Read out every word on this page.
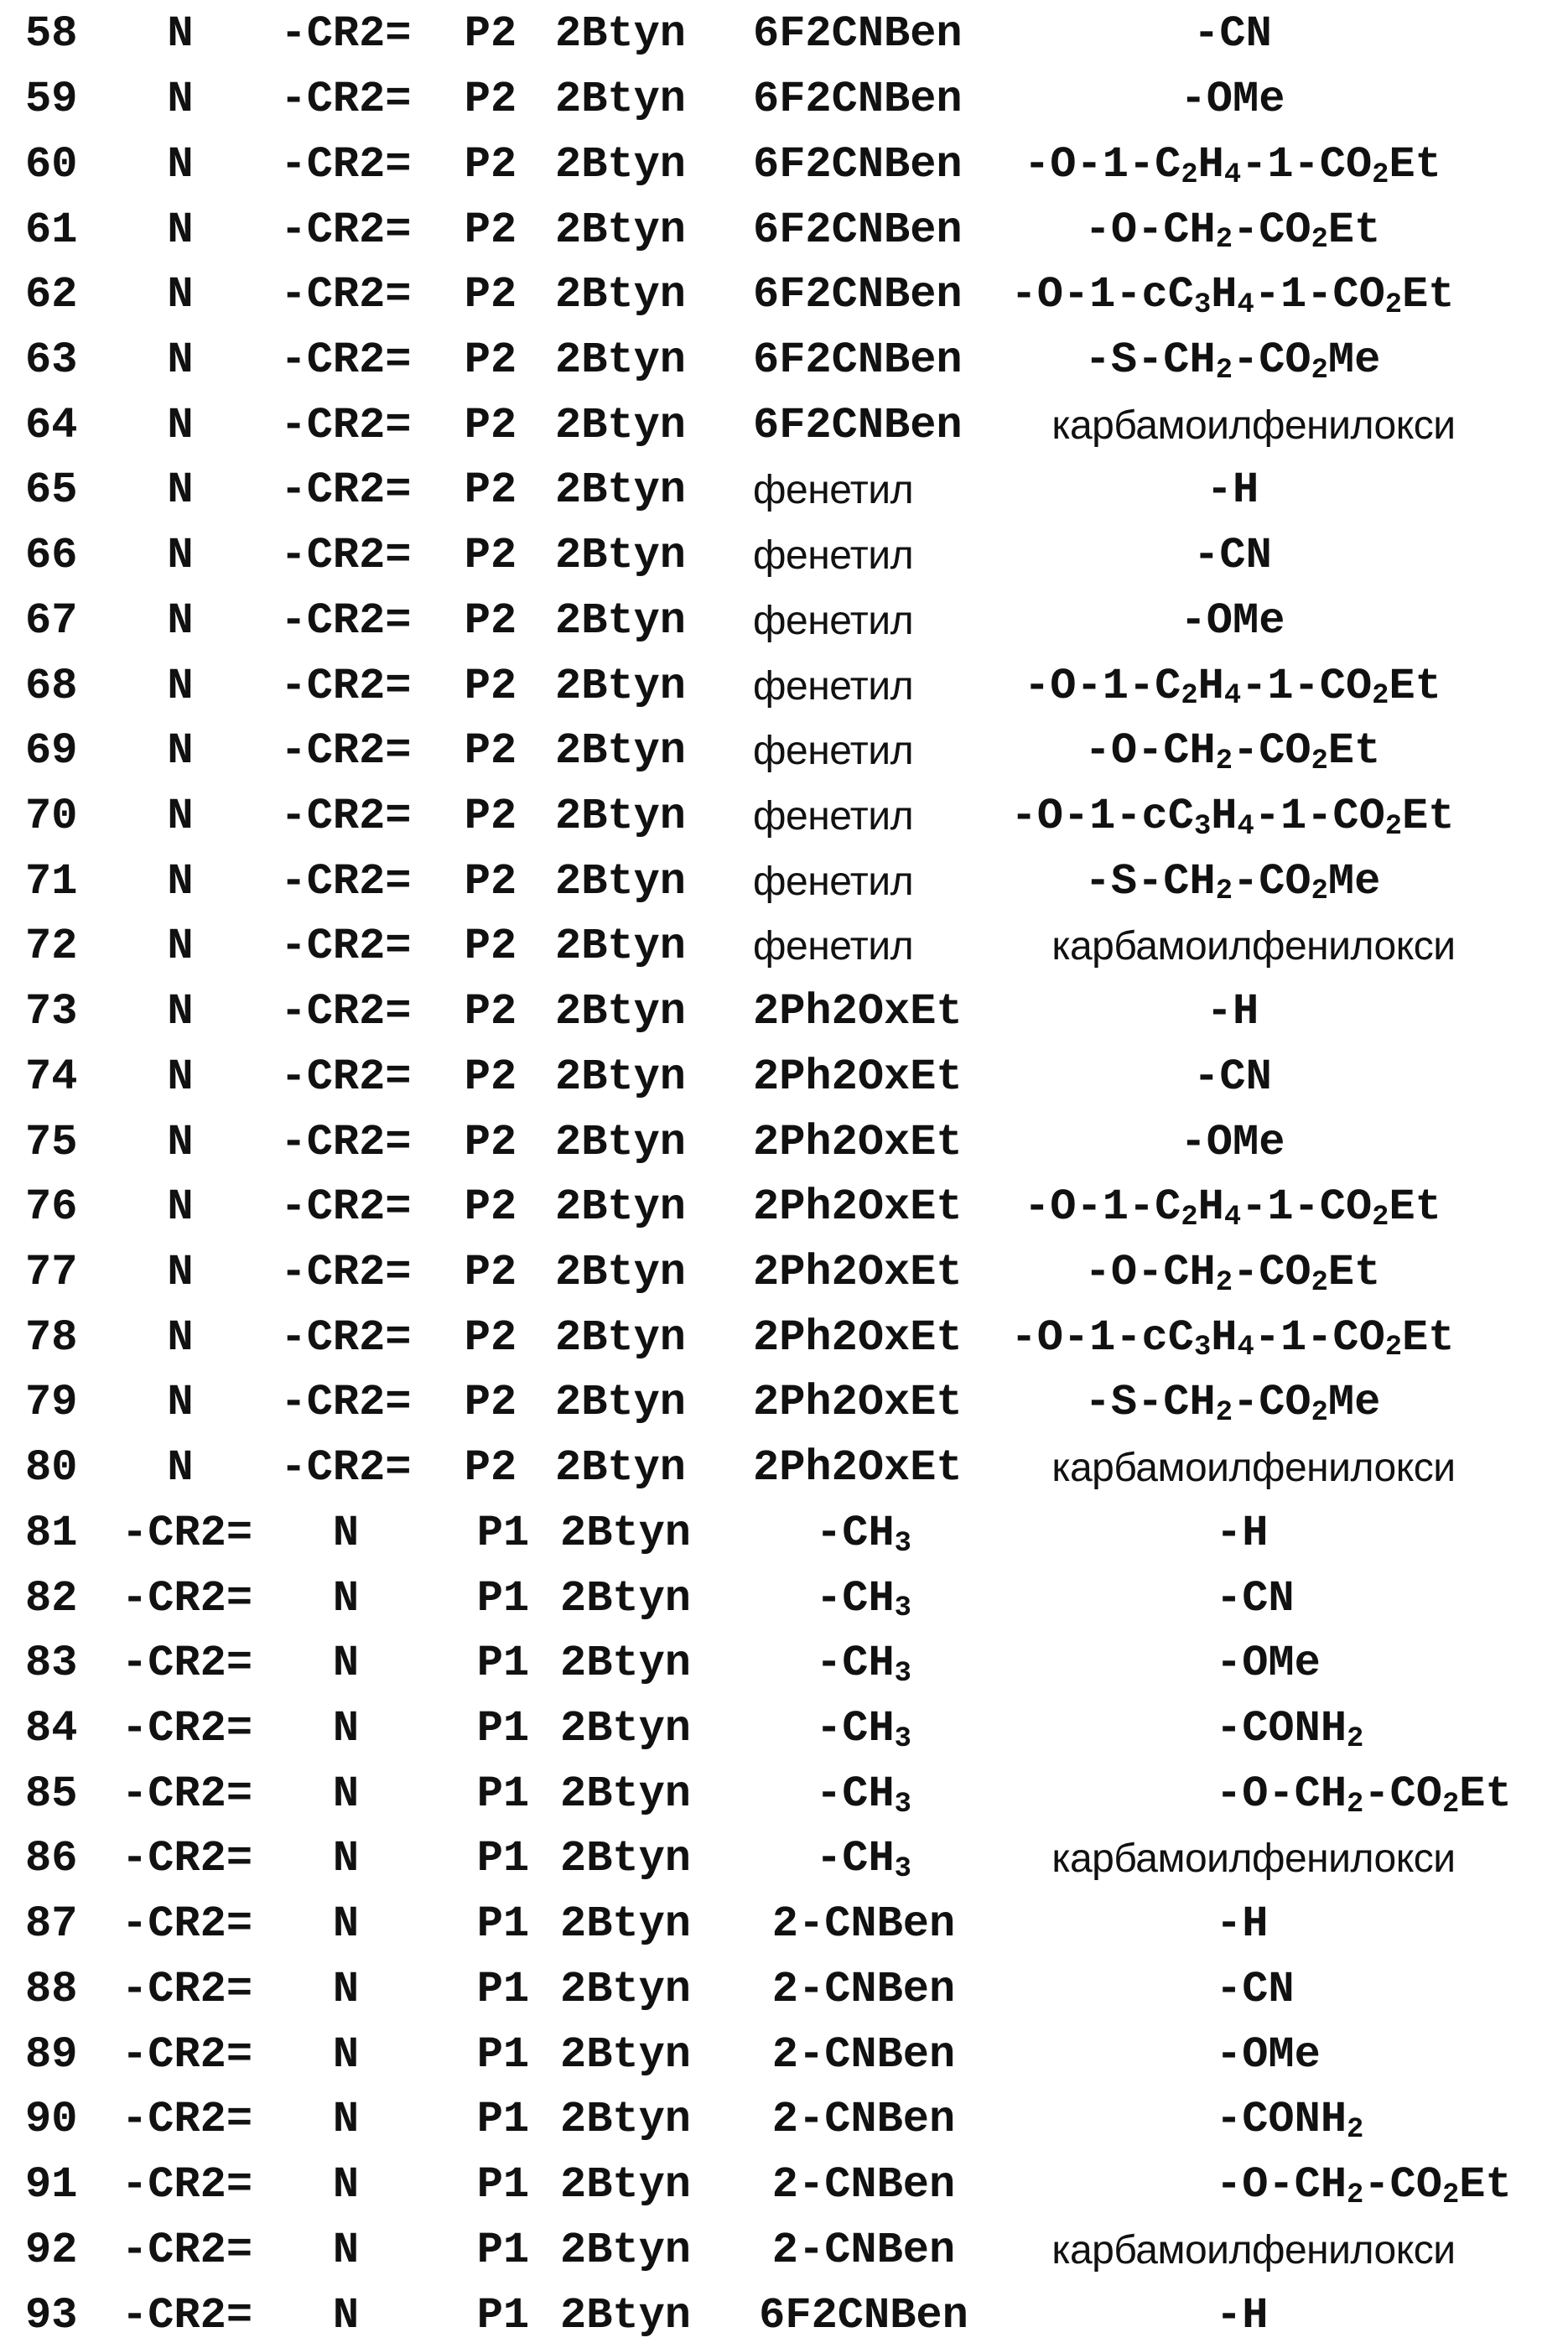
58	N	-CR2=	P2 2Btyn	6F2CNBen	-CN
59	N	-CR2=	P2 2Btyn	6F2CNBen	-OMe
60	N	-CR2=	P2 2Btyn	6F2CNBen	$-O-1-C_2H_4-1-CO_2Et$
61	N	-CR2=	P2 2Btyn	6F2CNBen	$-O-CH_2-CO_2Et$
62	N	-CR2=	P2 2Btyn	6F2CNBen	$-O-1-cC_3H_4-1-CO_2Et$
63	N	-CR2=	P2 2Btyn	6F2CNBen	$-S-CH_2-CO_2Me$
64	N	-CR2=	P2 2Btyn	6F2CNBen	карбамоилфенилокси
65	N	-CR2=	P2 2Btyn	фенетил	-H
66	N	-CR2=	P2 2Btyn	фенетил	-CN
67	N	-CR2=	P2 2Btyn	фенетил	-OMe
68	N	-CR2=	P2 2Btyn	фенетил	$-O-1-C_2H_4-1-CO_2Et$
69	N	-CR2=	P2 2Btyn	фенетил	$-O-CH_2-CO_2Et$
70	N	-CR2=	P2 2Btyn	фенетил	$-O-1-cC_3H_4-1-CO_2Et$
71	N	-CR2=	P2 2Btyn	фенетил	$-S-CH_2-CO_2Me$
72	N	-CR2=	P2 2Btyn	фенетил	карбамоилфенилокси
73	N	-CR2=	P2 2Btyn	2Ph2OxEt	-H
74	N	-CR2=	P2 2Btyn	2Ph2OxEt	-CN
75	N	-CR2=	P2 2Btyn	2Ph2OxEt	-OMe
76	N	-CR2=	P2 2Btyn	2Ph2OxEt	$-O-1-C_2H_4-1-CO_2Et$
77	N	-CR2=	P2 2Btyn	2Ph2OxEt	$-O-CH_2-CO_2Et$
78	N	-CR2=	P2 2Btyn	2Ph2OxEt	$-O-1-cC_3H_4-1-CO_2Et$
79	N	-CR2=	P2 2Btyn	2Ph2OxEt	$-S-CH_2-CO_2Me$
80	N	-CR2=	P2 2Btyn	2Ph2OxEt	карбамоилфенилокси
81	-CR2=	N	P1 2Btyn	$-CH_3$	-H
82	-CR2=	N	P1 2Btyn	$-CH_3$	-CN
83	-CR2=	N	P1 2Btyn	$-CH_3$	-OMe
84	-CR2=	N	P1 2Btyn	$-CH_3$	$-CONH_2$
85	-CR2=	N	P1 2Btyn	$-CH_3$	$-O-CH_2-CO_2Et$
86	-CR2=	N	P1 2Btyn	$-CH_3$	карбамоилфенилокси
87	-CR2=	N	P1 2Btyn	2-CNBen	-H
88	-CR2=	N	P1 2Btyn	2-CNBen	-CN
89	-CR2=	N	P1 2Btyn	2-CNBen	-OMe
90	-CR2=	N	P1 2Btyn	2-CNBen	$-CONH_2$
91	-CR2=	N	P1 2Btyn	2-CNBen	$-O-CH_2-CO_2Et$
92	-CR2=	N	P1 2Btyn	2-CNBen	карбамоилфенилокси
93	-CR2=	N	P1 2Btyn	6F2CNBen	-H
